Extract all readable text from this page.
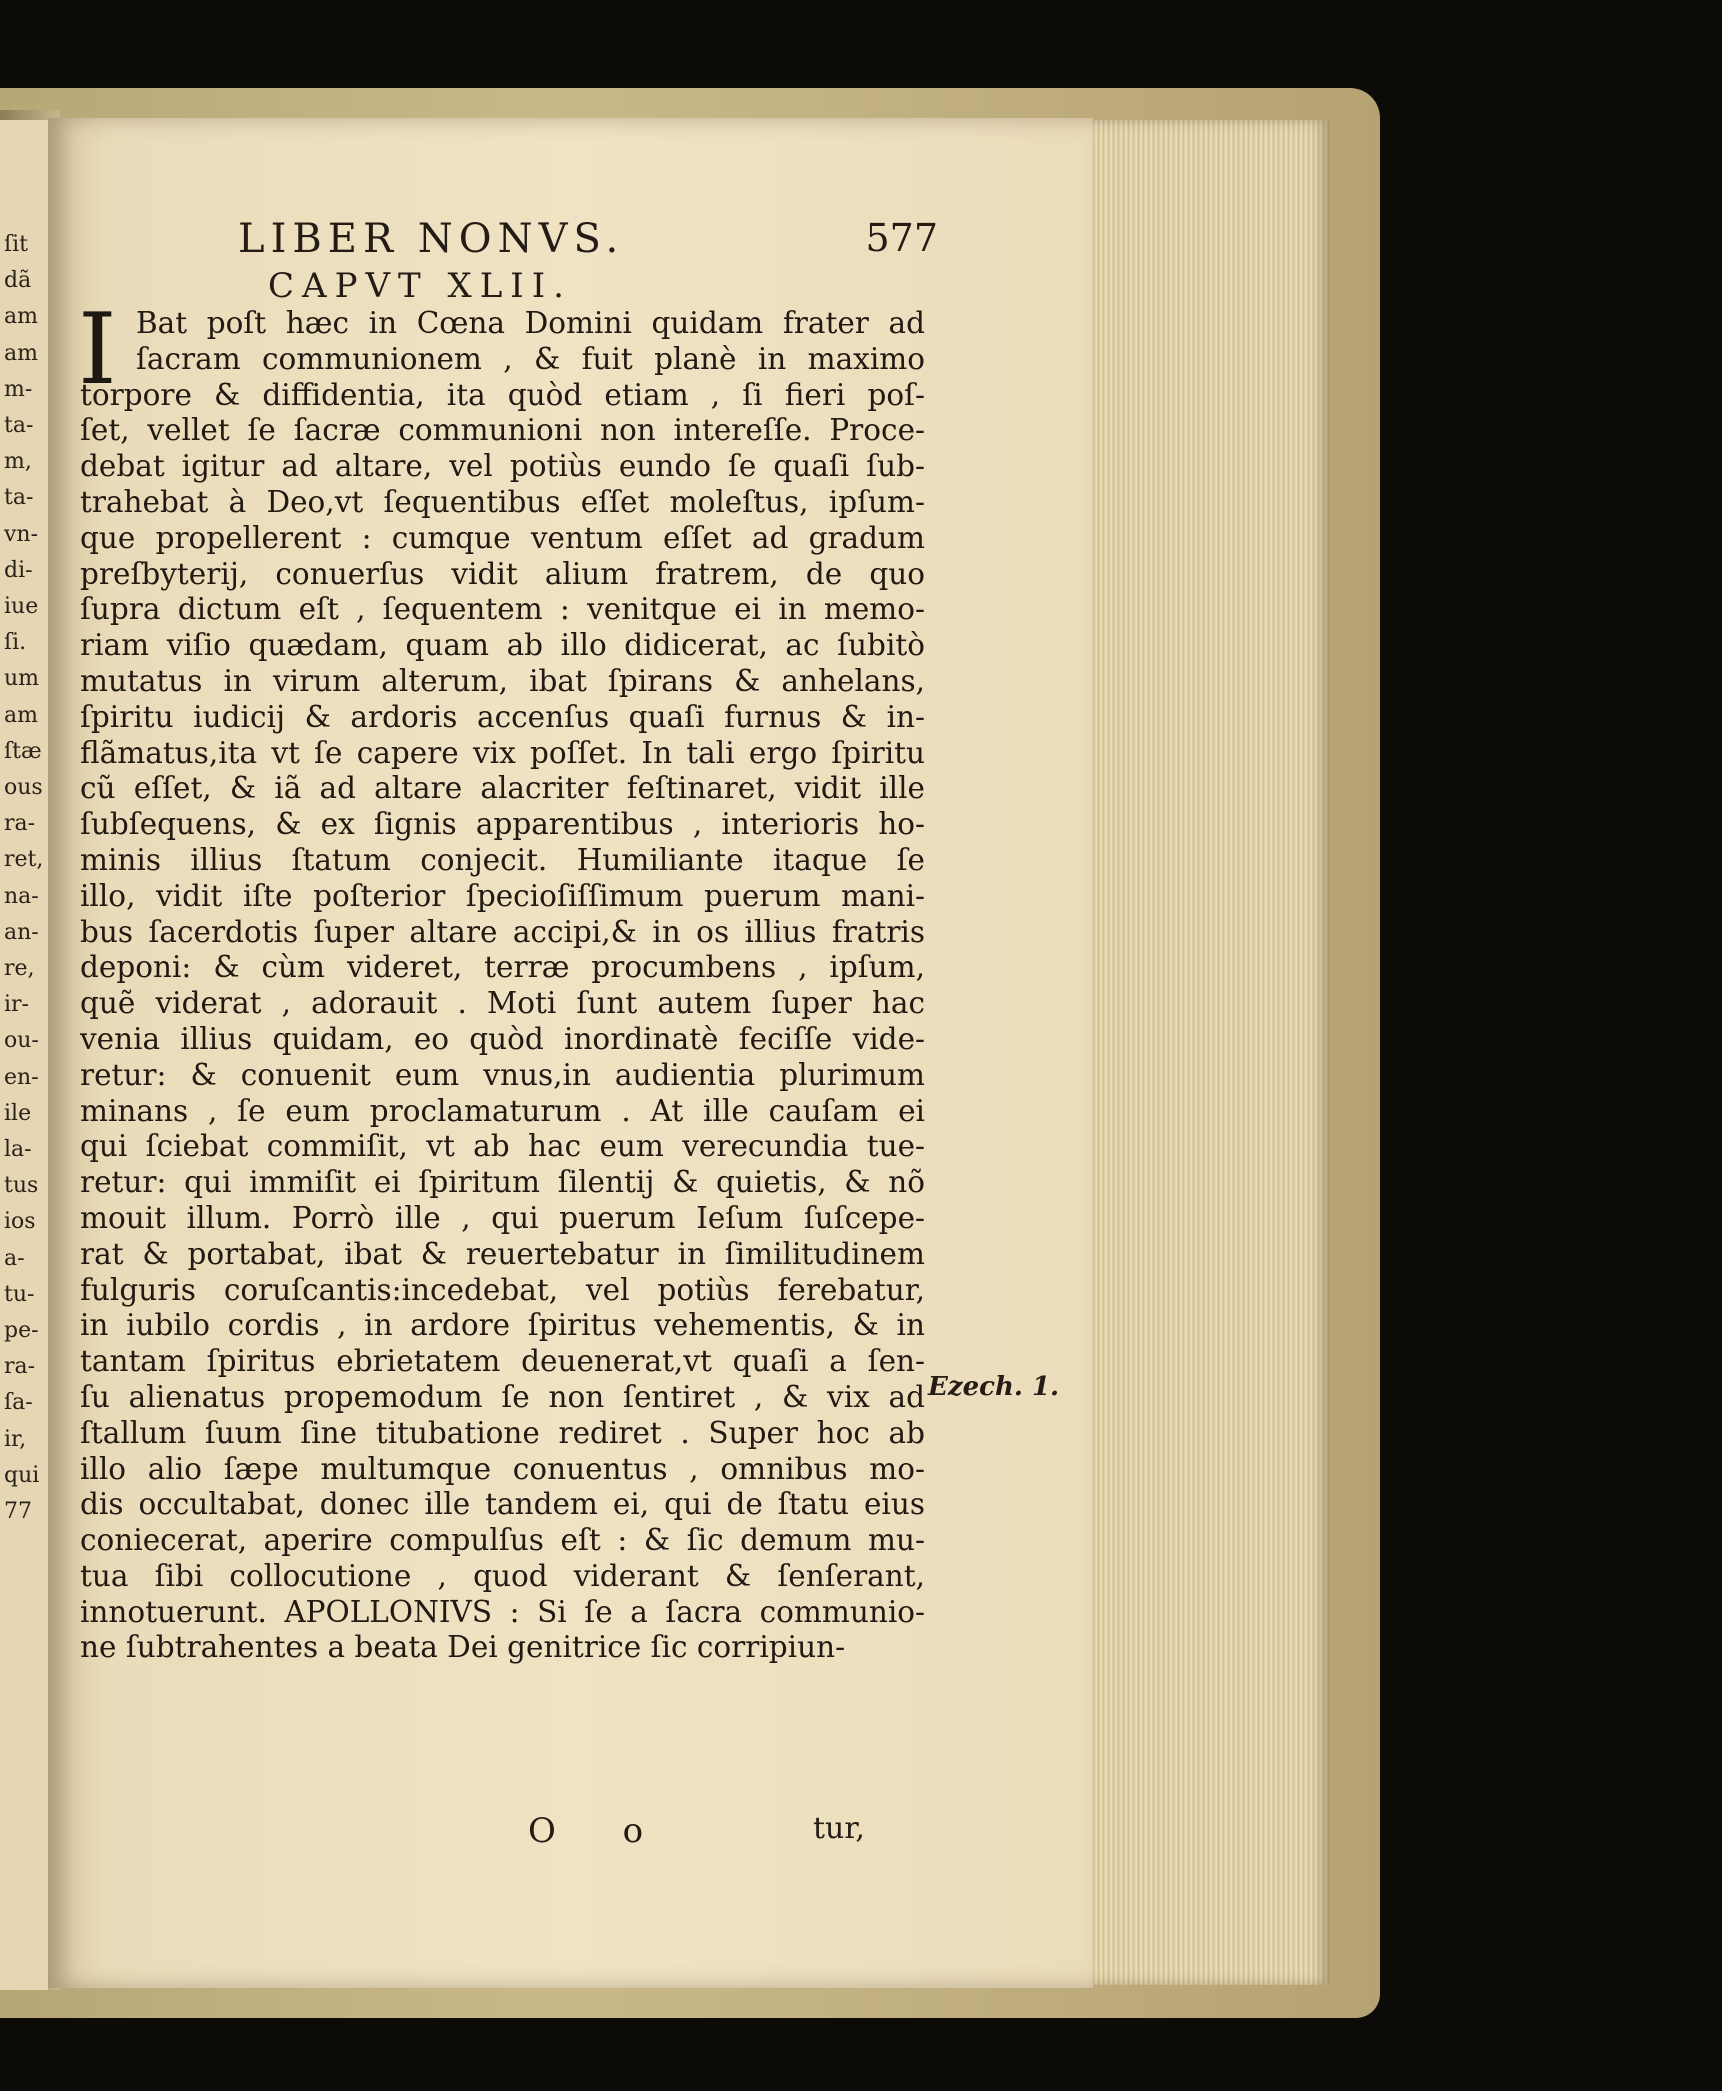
ſit
dã
am
am
m-
ta-
m,
ta-
vn-
di-
iue
ſi.
um
am
ſtæ
ous
ra-
ret,
na-
an-
re,
ir-
ou-
en-
ile
la-
tus
ios
a-
tu-
pe-
ra-
ſa-
ir,
qui
77
LIBER NONVS.	577
CAPVT XLII.
I Bat poſt hæc in Cœna Domini quidam frater ad
ſacram communionem , & fuit planè in maximo
torpore & diffidentia, ita quòd etiam , ſi fieri poſ-
ſet, vellet ſe ſacræ communioni non intereſſe. Proce-
debat igitur ad altare, vel potiùs eundo ſe quaſi ſub-
trahebat à Deo,vt ſequentibus eſſet moleſtus, ipſum-
que propellerent : cumque ventum eſſet ad gradum
preſbyterij, conuerſus vidit alium fratrem, de quo
ſupra dictum eſt , ſequentem : venitque ei in memo-
riam viſio quædam, quam ab illo didicerat, ac ſubitò
mutatus in virum alterum, ibat ſpirans & anhelans,
ſpiritu iudicij & ardoris accenſus quaſi furnus & in-
flãmatus,ita vt ſe capere vix poſſet. In tali ergo ſpiritu
cũ eſſet, & iã ad altare alacriter feſtinaret, vidit ille
ſubſequens, & ex ſignis apparentibus , interioris ho-
minis illius ſtatum conjecit. Humiliante itaque ſe
illo, vidit iſte poſterior ſpecioſiſſimum puerum mani-
bus ſacerdotis ſuper altare accipi,& in os illius fratris
deponi: & cùm videret, terræ procumbens , ipſum,
quẽ viderat , adorauit . Moti ſunt autem ſuper hac
venia illius quidam, eo quòd inordinatè feciſſe vide-
retur: & conuenit eum vnus,in audientia plurimum
minans , ſe eum proclamaturum . At ille cauſam ei
qui ſciebat commiſit, vt ab hac eum verecundia tue-
retur: qui immiſit ei ſpiritum ſilentij & quietis, & nõ
mouit illum. Porrò ille , qui puerum Ieſum ſuſcepe-
rat & portabat, ibat & reuertebatur in ſimilitudinem
fulguris coruſcantis:incedebat, vel potiùs ferebatur,
in iubilo cordis , in ardore ſpiritus vehementis, & in
tantam ſpiritus ebrietatem deuenerat,vt quaſi a ſen-
ſu alienatus propemodum ſe non ſentiret , & vix ad
ſtallum ſuum ſine titubatione rediret . Super hoc ab
illo alio ſæpe multumque conuentus , omnibus mo-
dis occultabat, donec ille tandem ei, qui de ſtatu eius
coniecerat, aperire compulſus eſt : & ſic demum mu-
tua ſibi collocutione , quod viderant & ſenſerant,
innotuerunt. APOLLONIVS : Si ſe a ſacra communio-
ne ſubtrahentes a beata Dei genitrice ſic corripiun-
Ezech. 1.
O o	tur,
